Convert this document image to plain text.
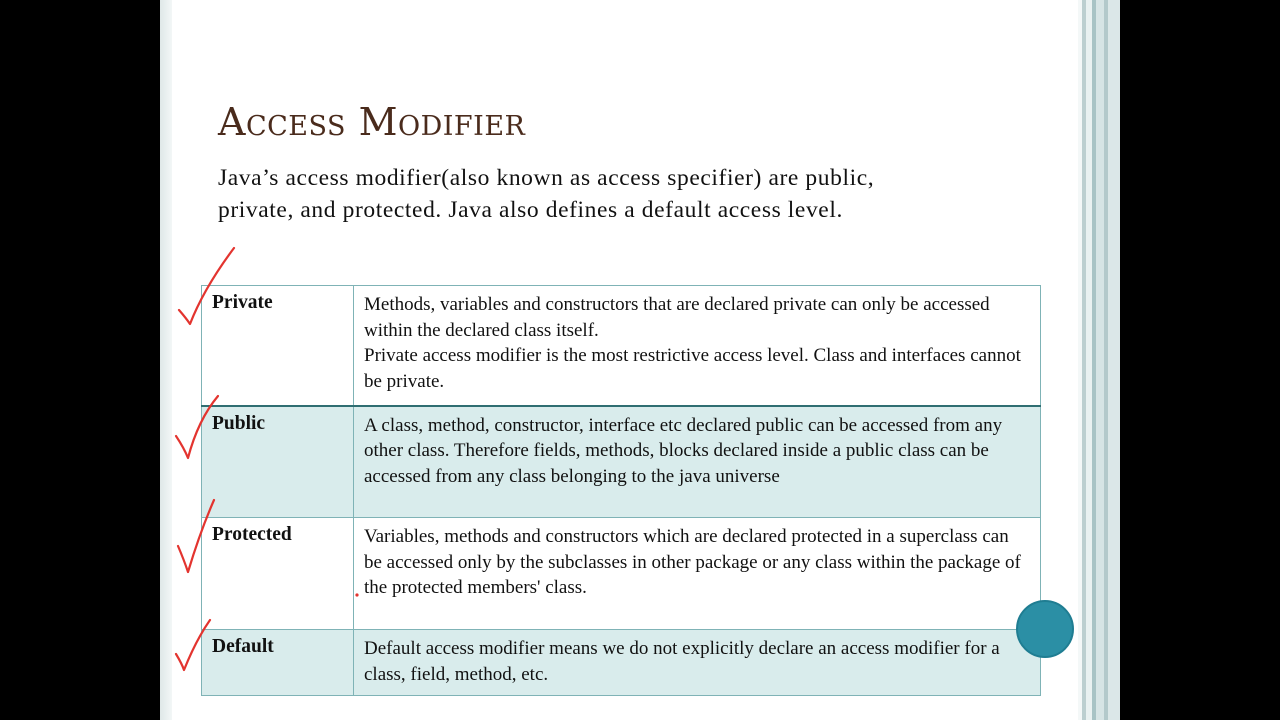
Access Modifier

Java’s access modifier(also known as access specifier) are public, private, and protected. Java also defines a default access level.

Private	Methods, variables and constructors that are declared private can only be accessed within the declared class itself.
Private access modifier is the most restrictive access level. Class and interfaces cannot be private.

Public	A class, method, constructor, interface etc declared public can be accessed from any other class. Therefore fields, methods, blocks declared inside a public class can be accessed from any class belonging to the java universe

Protected	Variables, methods and constructors which are declared protected in a superclass can be accessed only by the subclasses in other package or any class within the package of the protected members' class.

Default	Default access modifier means we do not explicitly declare an access modifier for a class, field, method, etc.
